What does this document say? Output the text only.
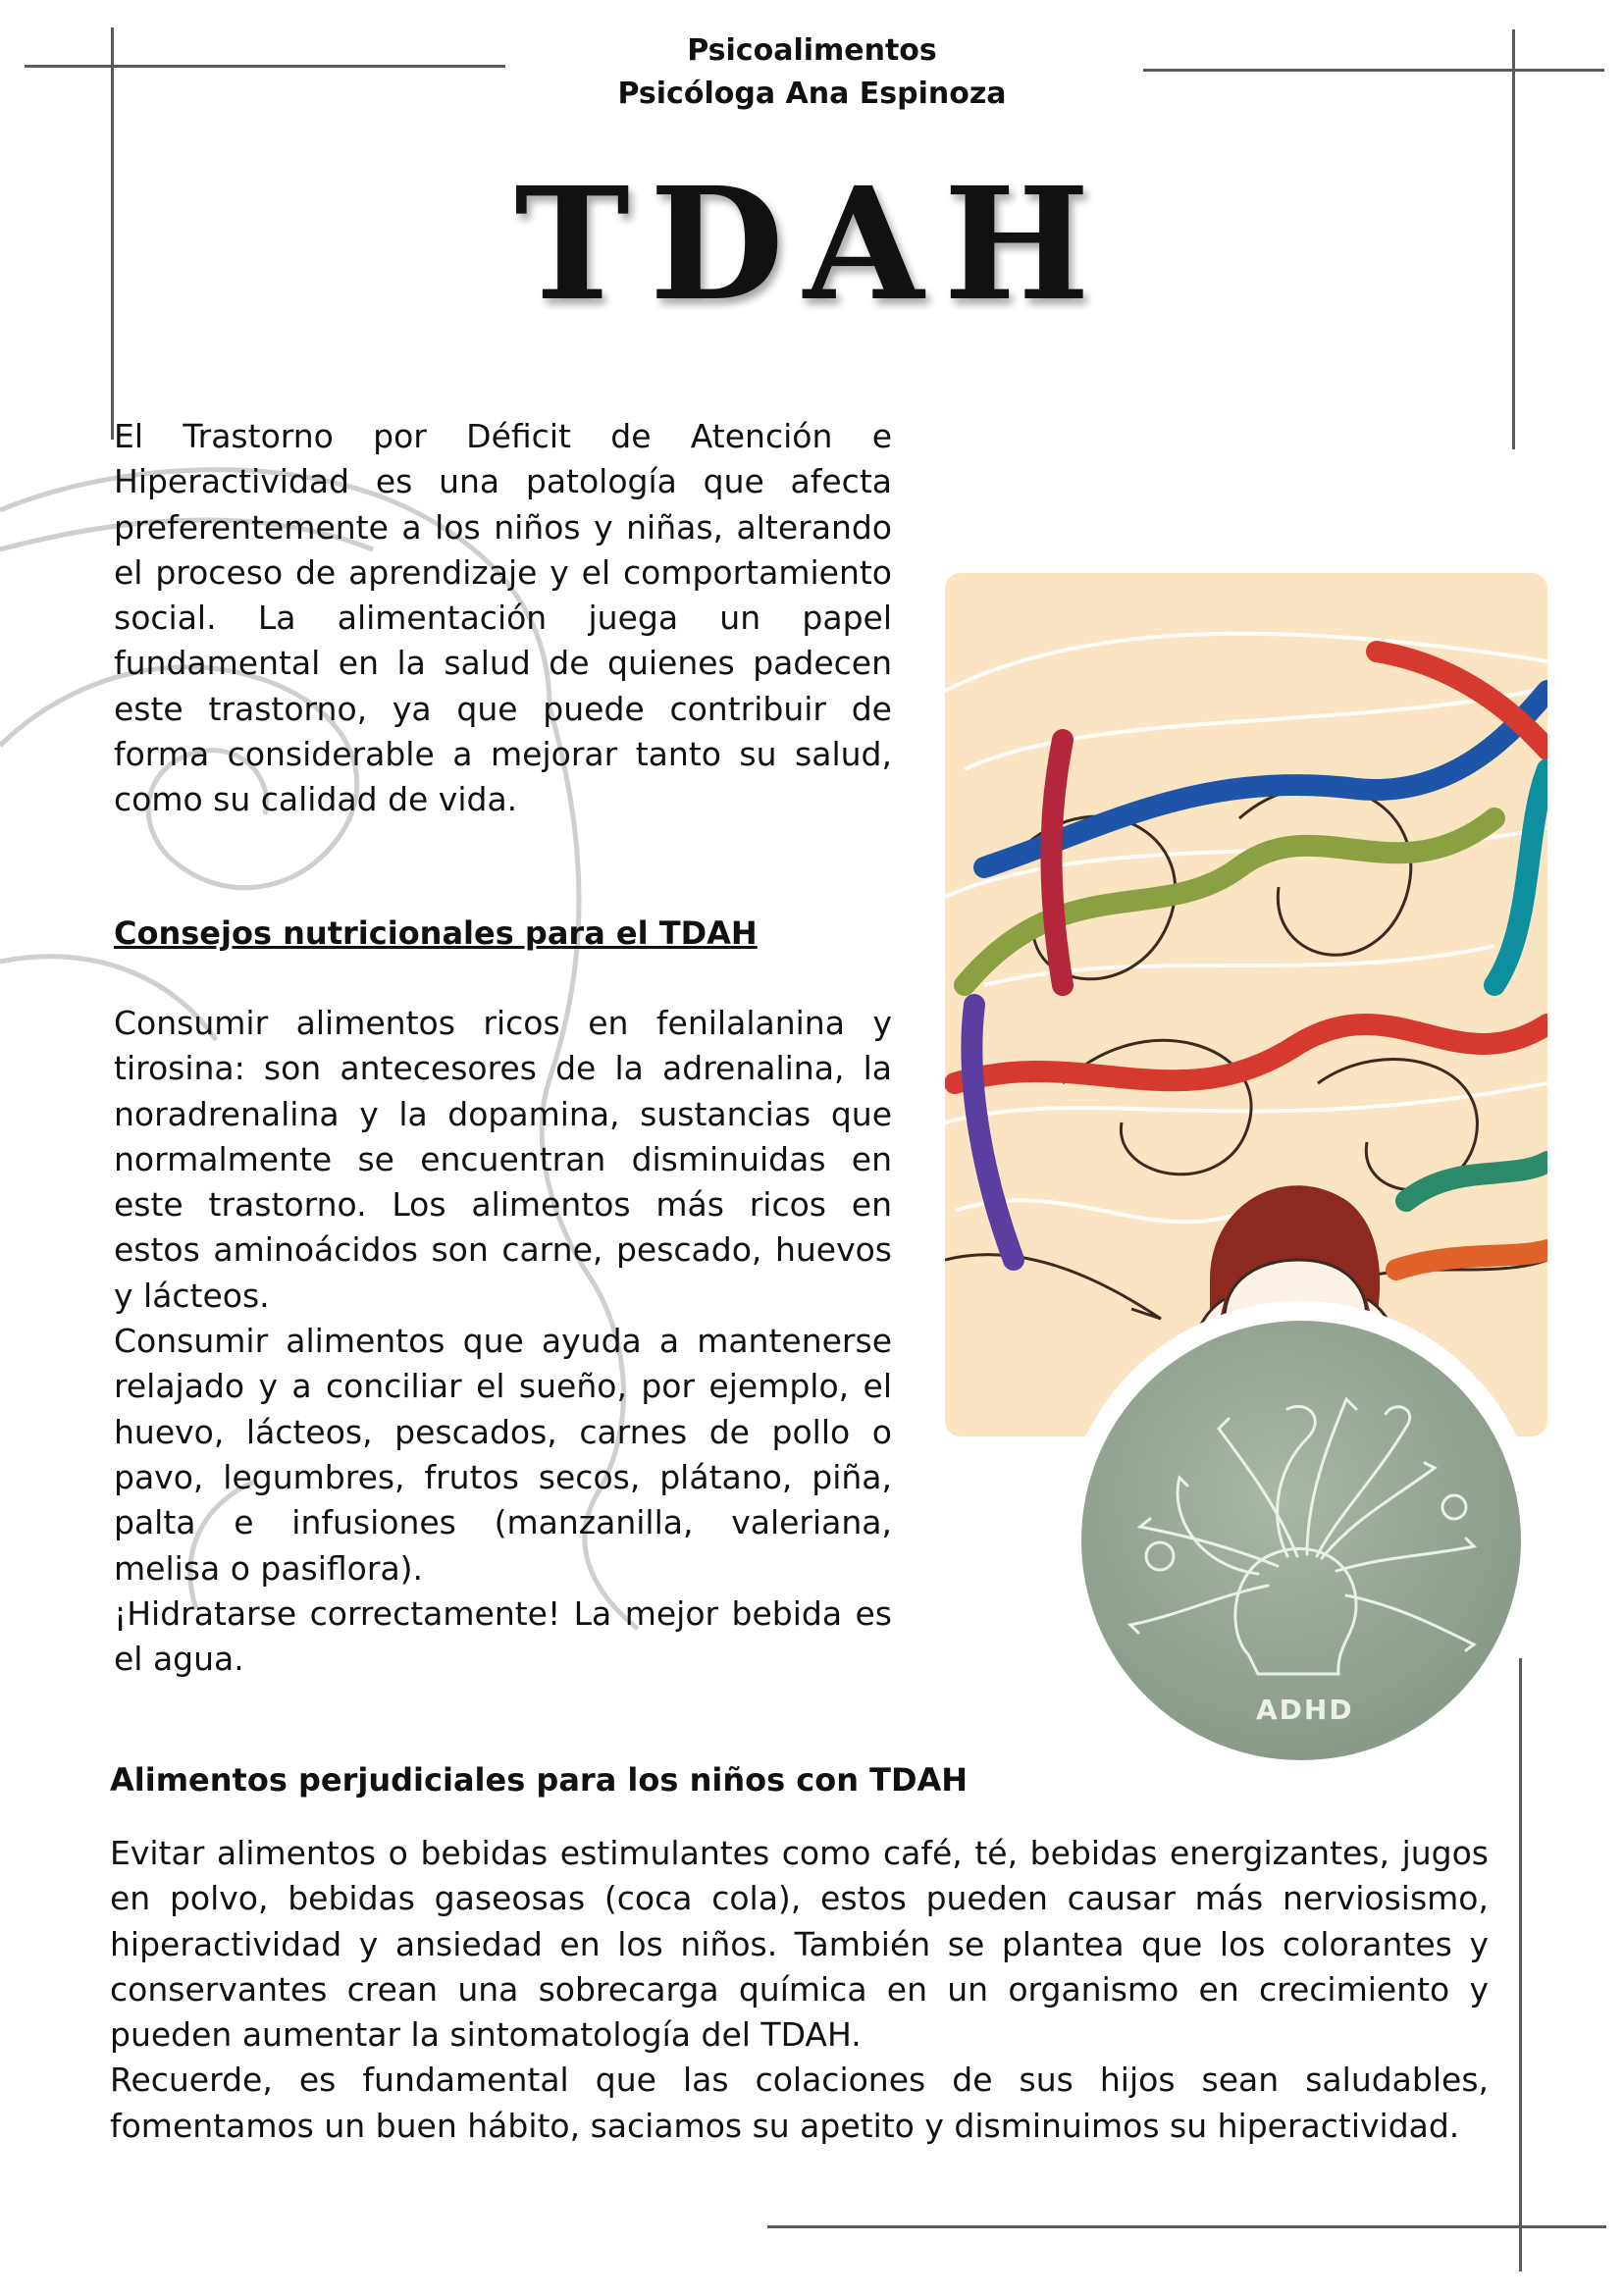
Psicoalimentos
Psicóloga Ana Espinoza
TDAH

El Trastorno por Déficit de Atención e Hiperactividad es una patología que afecta preferentemente a los niños y niñas, alterando el proceso de aprendizaje y el comportamiento social. La alimentación juega un papel fundamental en la salud de quienes padecen este trastorno, ya que puede contribuir de forma considerable a mejorar tanto su salud, como su calidad de vida.

Consejos nutricionales para el TDAH

Consumir alimentos ricos en fenilalanina y tirosina: son antecesores de la adrenalina, la noradrenalina y la dopamina, sustancias que normalmente se encuentran disminuidas en este trastorno. Los alimentos más ricos en estos aminoácidos son carne, pescado, huevos y lácteos.

Consumir alimentos que ayuda a mantenerse relajado y a conciliar el sueño, por ejemplo, el huevo, lácteos, pescados, carnes de pollo o pavo, legumbres, frutos secos, plátano, piña, palta e infusiones (manzanilla, valeriana, melisa o pasiflora).

¡Hidratarse correctamente! La mejor bebida es el agua.

Alimentos perjudiciales para los niños con TDAH

Evitar alimentos o bebidas estimulantes como café, té, bebidas energizantes, jugos en polvo, bebidas gaseosas (coca cola), estos pueden causar más nerviosismo, hiperactividad y ansiedad en los niños. También se plantea que los colorantes y conservantes crean una sobrecarga química en un organismo en crecimiento y pueden aumentar la sintomatología del TDAH.

Recuerde, es fundamental que las colaciones de sus hijos sean saludables, fomentamos un buen hábito, saciamos su apetito y disminuimos su hiperactividad.

ADHD
